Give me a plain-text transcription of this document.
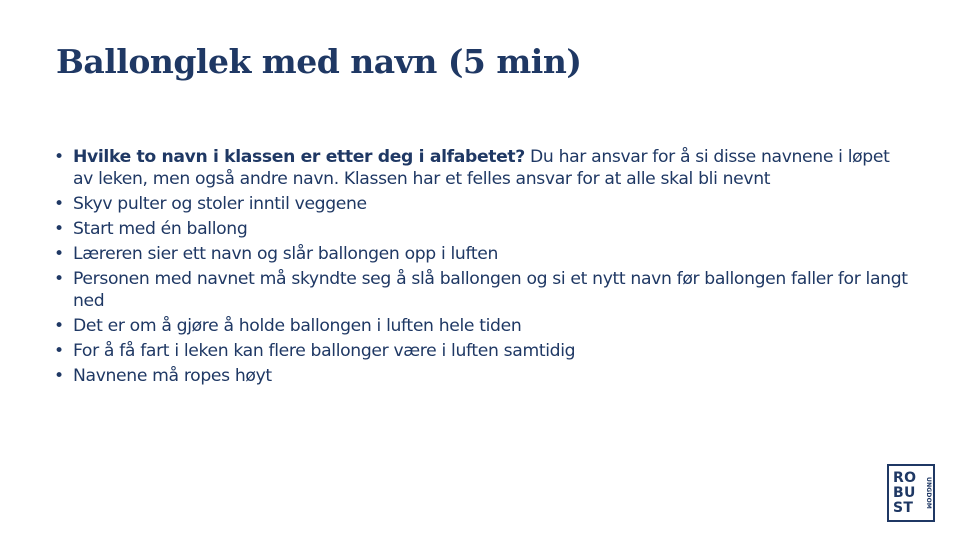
Ballonglek med navn (5 min)
• Hvilke to navn i klassen er etter deg i alfabetet? Du har ansvar for å si disse navnene i løpet av leken, men også andre navn. Klassen har et felles ansvar for at alle skal bli nevnt
• Skyv pulter og stoler inntil veggene
• Start med én ballong
• Læreren sier ett navn og slår ballongen opp i luften
• Personen med navnet må skyndte seg å slå ballongen og si et nytt navn før ballongen faller for langt ned
• Det er om å gjøre å holde ballongen i luften hele tiden
• For å få fart i leken kan flere ballonger være i luften samtidig
• Navnene må ropes høyt
RO
BU
ST	UNGDOM
